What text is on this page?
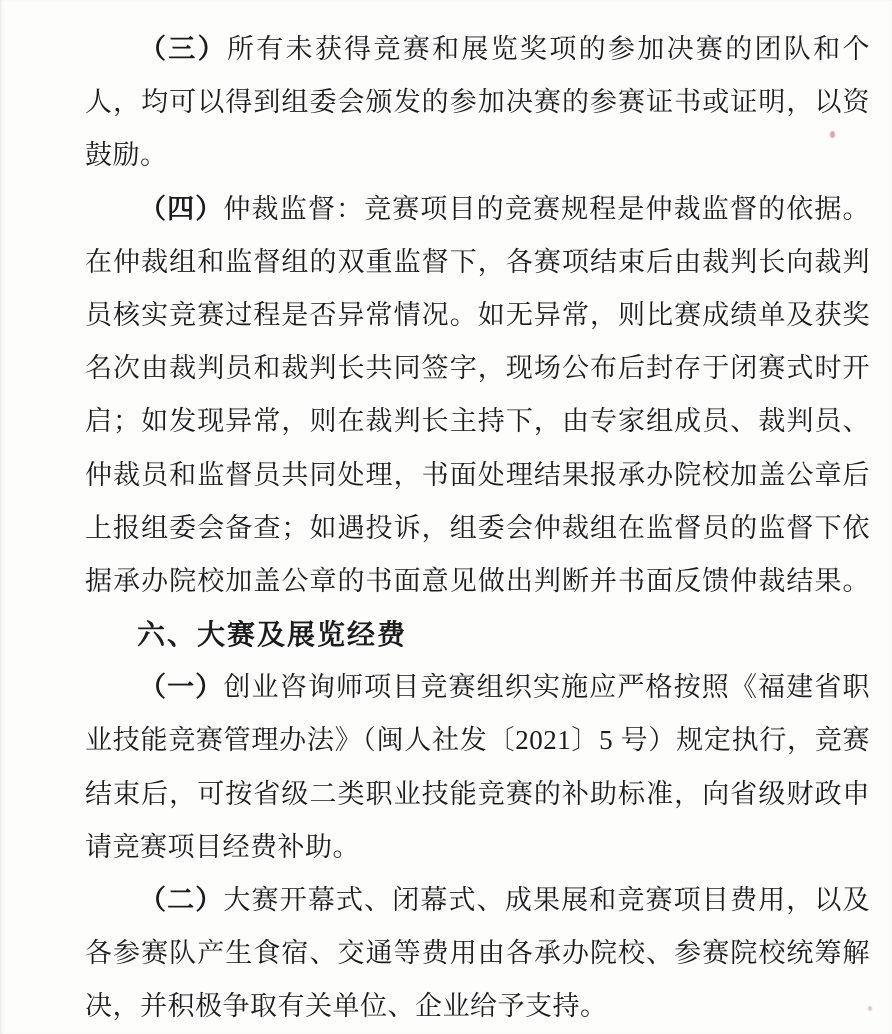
（三）所有未获得竞赛和展览奖项的参加决赛的团队和个
人，均可以得到组委会颁发的参加决赛的参赛证书或证明，以资
鼓励。
（四）仲裁监督：竞赛项目的竞赛规程是仲裁监督的依据。
在仲裁组和监督组的双重监督下，各赛项结束后由裁判长向裁判
员核实竞赛过程是否异常情况。如无异常，则比赛成绩单及获奖
名次由裁判员和裁判长共同签字，现场公布后封存于闭赛式时开
启；如发现异常，则在裁判长主持下，由专家组成员、裁判员、
仲裁员和监督员共同处理，书面处理结果报承办院校加盖公章后
上报组委会备查；如遇投诉，组委会仲裁组在监督员的监督下依
据承办院校加盖公章的书面意见做出判断并书面反馈仲裁结果。
六、大赛及展览经费
（一）创业咨询师项目竞赛组织实施应严格按照《福建省职
业技能竞赛管理办法》（闽人社发〔2021〕5 号）规定执行，竞赛
结束后，可按省级二类职业技能竞赛的补助标准，向省级财政申
请竞赛项目经费补助。
（二）大赛开幕式、闭幕式、成果展和竞赛项目费用，以及
各参赛队产生食宿、交通等费用由各承办院校、参赛院校统筹解
决，并积极争取有关单位、企业给予支持。
